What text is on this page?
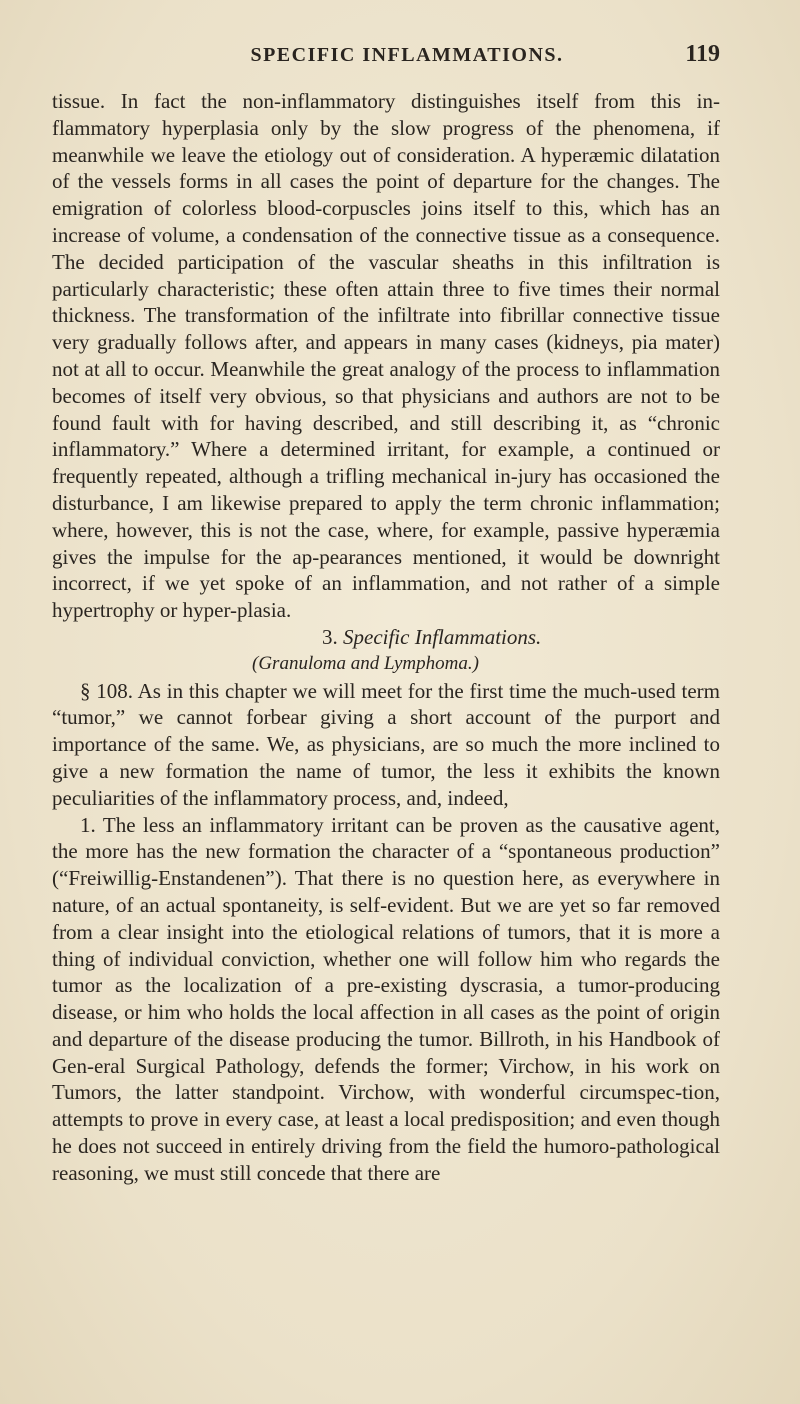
SPECIFIC INFLAMMATIONS.	119

tissue. In fact the non-inflammatory distinguishes itself from this in-flammatory hyperplasia only by the slow progress of the phenomena, if meanwhile we leave the etiology out of consideration. A hyperæmic dilatation of the vessels forms in all cases the point of departure for the changes. The emigration of colorless blood-corpuscles joins itself to this, which has an increase of volume, a condensation of the connective tissue as a consequence. The decided participation of the vascular sheaths in this infiltration is particularly characteristic; these often attain three to five times their normal thickness. The transformation of the infiltrate into fibrillar connective tissue very gradually follows after, and appears in many cases (kidneys, pia mater) not at all to occur. Meanwhile the great analogy of the process to inflammation becomes of itself very obvious, so that physicians and authors are not to be found fault with for having described, and still describing it, as “chronic inflammatory.” Where a determined irritant, for example, a continued or frequently repeated, although a trifling mechanical in-jury has occasioned the disturbance, I am likewise prepared to apply the term chronic inflammation; where, however, this is not the case, where, for example, passive hyperæmia gives the impulse for the ap-pearances mentioned, it would be downright incorrect, if we yet spoke of an inflammation, and not rather of a simple hypertrophy or hyper-plasia.

3. Specific Inflammations.

(Granuloma and Lymphoma.)

§ 108. As in this chapter we will meet for the first time the much-used term “tumor,” we cannot forbear giving a short account of the purport and importance of the same. We, as physicians, are so much the more inclined to give a new formation the name of tumor, the less it exhibits the known peculiarities of the inflammatory process, and, indeed,

1. The less an inflammatory irritant can be proven as the causative agent, the more has the new formation the character of a “spontaneous production” (“Freiwillig-Enstandenen”). That there is no question here, as everywhere in nature, of an actual spontaneity, is self-evident. But we are yet so far removed from a clear insight into the etiological relations of tumors, that it is more a thing of individual conviction, whether one will follow him who regards the tumor as the localization of a pre-existing dyscrasia, a tumor-producing disease, or him who holds the local affection in all cases as the point of origin and departure of the disease producing the tumor. Billroth, in his Handbook of Gen-eral Surgical Pathology, defends the former; Virchow, in his work on Tumors, the latter standpoint. Virchow, with wonderful circumspec-tion, attempts to prove in every case, at least a local predisposition; and even though he does not succeed in entirely driving from the field the humoro-pathological reasoning, we must still concede that there are
